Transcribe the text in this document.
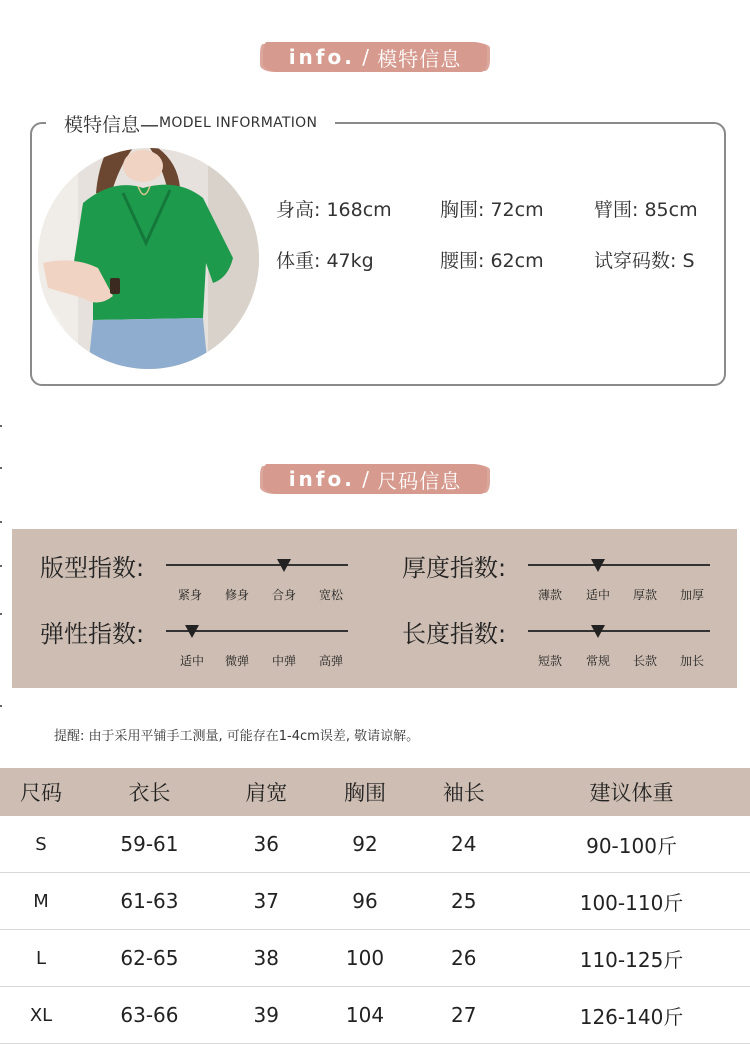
info. / 模特信息
模特信息— MODEL INFORMATION
身高: 168cm	胸围: 72cm	臂围: 85cm
体重: 47kg	腰围: 62cm	试穿码数: S
info. / 尺码信息
版型指数:
紧身 修身 合身 宽松
厚度指数:
薄款 适中 厚款 加厚
弹性指数:
适中 微弹 中弹 高弹
长度指数:
短款 常规 长款 加长
提醒: 由于采用平铺手工测量, 可能存在1-4cm误差, 敬请谅解。
尺码	衣长	肩宽	胸围	袖长	建议体重
S	59-61	36	92	24	90-100斤
M	61-63	37	96	25	100-110斤
L	62-65	38	100	26	110-125斤
XL	63-66	39	104	27	126-140斤
